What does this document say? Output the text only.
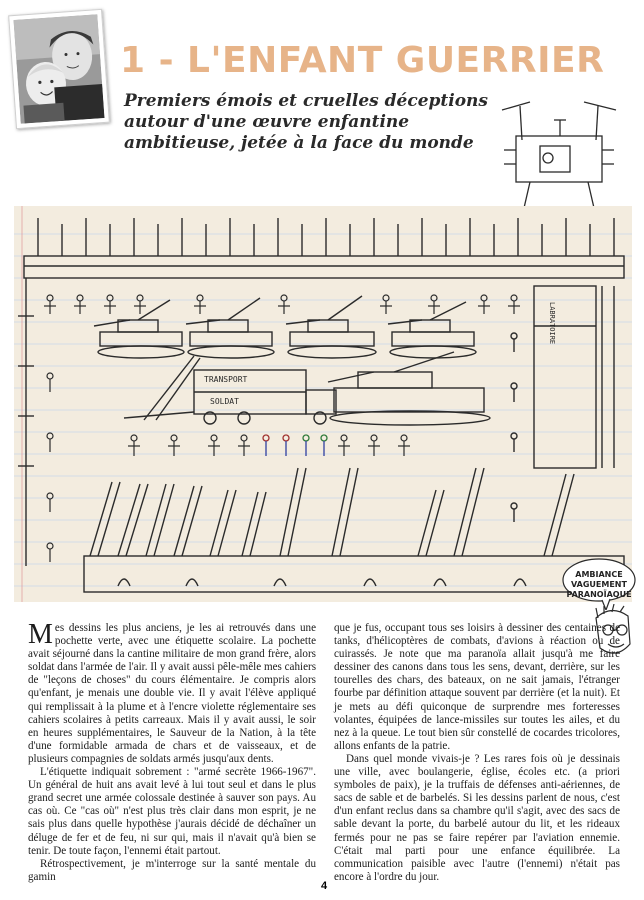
1 - L'ENFANT GUERRIER
Premiers émois et cruelles déceptions
autour d'une œuvre enfantine
ambitieuse, jetée à la face du monde
TRANSPORT
SOLDAT
LABRATOIRE
AMBIANCE VAGUEMENT PARANOÏAQUE

Mes dessins les plus anciens, je les ai retrouvés dans une pochette verte, avec une étiquette scolaire. La pochette avait séjourné dans la cantine militaire de mon grand frère, alors soldat dans l'armée de l'air. Il y avait aussi pêle-mêle mes cahiers de "leçons de choses" du cours élémentaire. Je compris alors qu'enfant, je menais une double vie. Il y avait l'élève appliqué qui remplissait à la plume et à l'encre violette réglementaire ses cahiers scolaires à petits carreaux. Mais il y avait aussi, le soir en heures supplémentaires, le Sauveur de la Nation, à la tête d'une formidable armada de chars et de vaisseaux, et de plusieurs compagnies de soldats armés jusqu'aux dents.

L'étiquette indiquait sobrement : "armé secrète 1966-1967". Un général de huit ans avait levé à lui tout seul et dans le plus grand secret une armée colossale destinée à sauver son pays. Au cas où. Ce "cas où" n'est plus très clair dans mon esprit, je ne sais plus dans quelle hypothèse j'aurais décidé de déchaîner un déluge de fer et de feu, ni sur qui, mais il n'avait qu'à bien se tenir. De toute façon, l'ennemi était partout.

Rétrospectivement, je m'interroge sur la santé mentale du gamin

que je fus, occupant tous ses loisirs à dessiner des centaines de tanks, d'hélicoptères de combats, d'avions à réaction ou de cuirassés. Je note que ma paranoïa allait jusqu'à me faire dessiner des canons dans tous les sens, devant, derrière, sur les tourelles des chars, des bateaux, on ne sait jamais, l'étranger fourbe par définition attaque souvent par derrière (et la nuit). Et je mets au défi quiconque de surprendre mes forteresses volantes, équipées de lance-missiles sur toutes les ailes, et du nez à la queue. Le tout bien sûr constellé de cocardes tricolores, allons enfants de la patrie.

Dans quel monde vivais-je ? Les rares fois où je dessinais une ville, avec boulangerie, église, écoles etc. (a priori symboles de paix), je la truffais de défenses anti-aériennes, de sacs de sable et de barbelés. Si les dessins parlent de nous, c'est d'un enfant reclus dans sa chambre qu'il s'agit, avec des sacs de sable devant la porte, du barbelé autour du lit, et les rideaux fermés pour ne pas se faire repérer par l'aviation ennemie. C'était mal parti pour une enfance équilibrée. La communication paisible avec l'autre (l'ennemi) n'était pas encore à l'ordre du jour.

4
